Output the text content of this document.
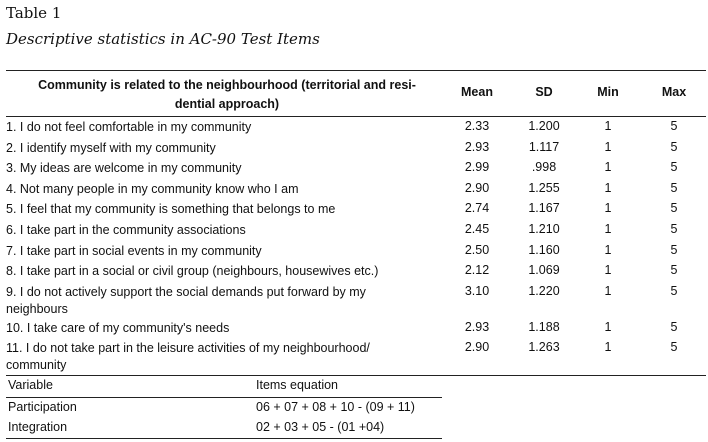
Table 1
Descriptive statistics in AC-90 Test Items
Community is related to the neighbourhood (territorial and resi-
dential approach)
Mean	SD	Min	Max
1. I do not feel comfortable in my community	2.33	1.200	1	5
2. I identify myself with my community	2.93	1.117	1	5
3. My ideas are welcome in my community	2.99	.998	1	5
4. Not many people in my community know who I am	2.90	1.255	1	5
5. I feel that my community is something that belongs to me	2.74	1.167	1	5
6. I take part in the community associations	2.45	1.210	1	5
7. I take part in social events in my community	2.50	1.160	1	5
8. I take part in a social or civil group (neighbours, housewives etc.)	2.12	1.069	1	5
9. I do not actively support the social demands put forward by my
neighbours
3.10	1.220	1	5
10. I take care of my community's needs	2.93	1.188	1	5
11. I do not take part in the leisure activities of my neighbourhood/
community
2.90	1.263	1	5
Variable	Items equation
Participation	06 + 07 + 08 + 10 - (09 + 11)
Integration	02 + 03 + 05 - (01 +04)
